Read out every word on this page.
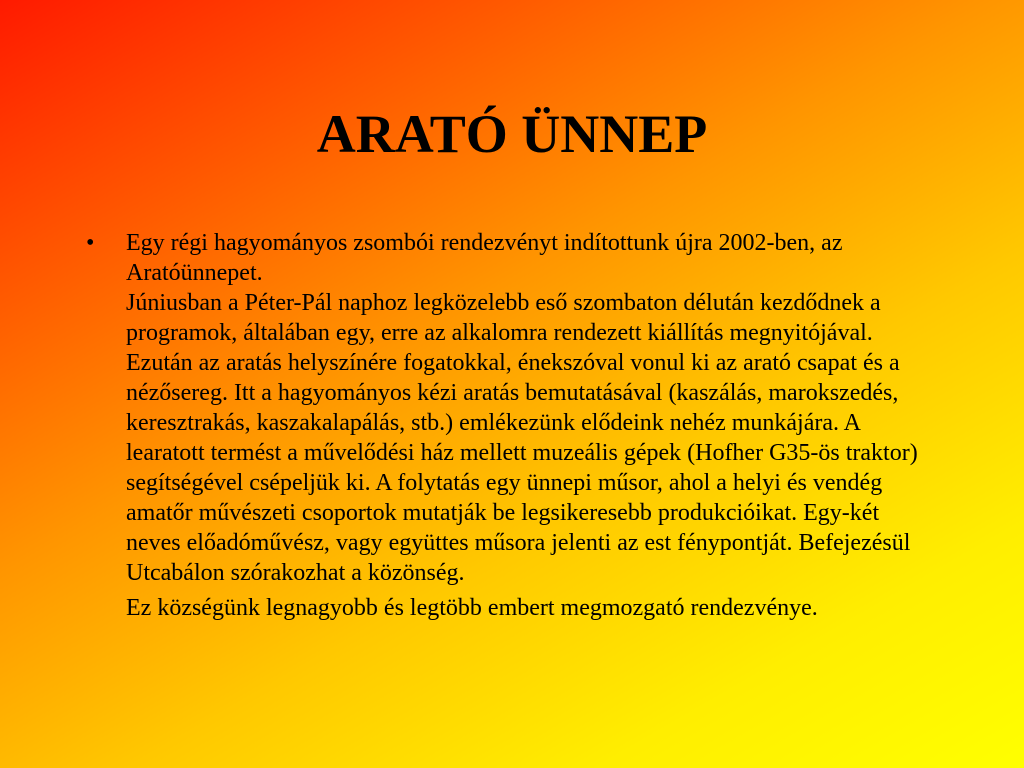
ARATÓ ÜNNEP
•	Egy régi hagyományos zsombói rendezvényt indítottunk újra 2002-ben, az Aratóünnepet.
Júniusban a Péter-Pál naphoz legközelebb eső szombaton délután kezdődnek a programok, általában egy, erre az alkalomra rendezett kiállítás megnyitójával. Ezután az aratás helyszínére fogatokkal, énekszóval vonul ki az arató csapat és a nézősereg. Itt a hagyományos kézi aratás bemutatásával (kaszálás, marokszedés, keresztrakás, kaszakalapálás, stb.) emlékezünk elődeink nehéz munkájára. A learatott termést a művelődési ház mellett muzeális gépek (Hofher G35-ös traktor) segítségével csépeljük ki. A folytatás egy ünnepi műsor, ahol a helyi és vendég amatőr művészeti csoportok mutatják be legsikeresebb produkcióikat. Egy-két neves előadóművész, vagy együttes műsora jelenti az est fénypontját. Befejezésül Utcabálon szórakozhat a közönség.
Ez községünk legnagyobb és legtöbb embert megmozgató rendezvénye.
